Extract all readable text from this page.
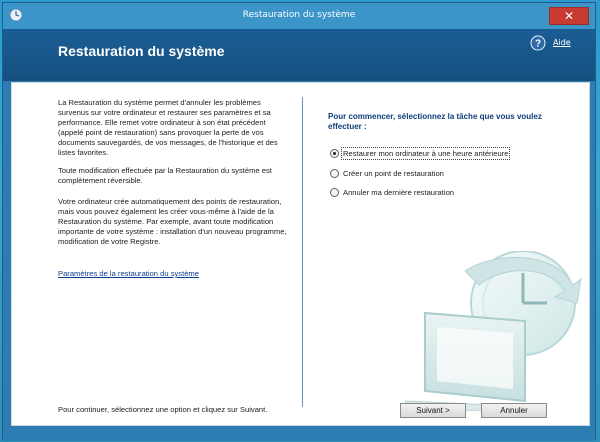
Restauration du système	✕
Restauration du système	? Aide
La Restauration du système permet d'annuler les problèmes survenus sur votre ordinateur et restaurer ses paramètres et sa performance. Elle remet votre ordinateur à son état précédent (appelé point de restauration) sans provoquer la perte de vos documents sauvegardés, de vos messages, de l'historique et des listes favorites.
Toute modification effectuée par la Restauration du système est complètement réversible.
Votre ordinateur crée automatiquement des points de restauration, mais vous pouvez également les créer vous-même à l'aide de la Restauration du système. Par exemple, avant toute modification importante de votre système : installation d'un nouveau programme, modification de votre Registre.
Paramètres de la restauration du système
Pour commencer, sélectionnez la tâche que vous voulez effectuer :
Restaurer mon ordinateur à une heure antérieure
Créer un point de restauration
Annuler ma dernière restauration
Pour continuer, sélectionnez une option et cliquez sur Suivant.	Suivant >	Annuler
